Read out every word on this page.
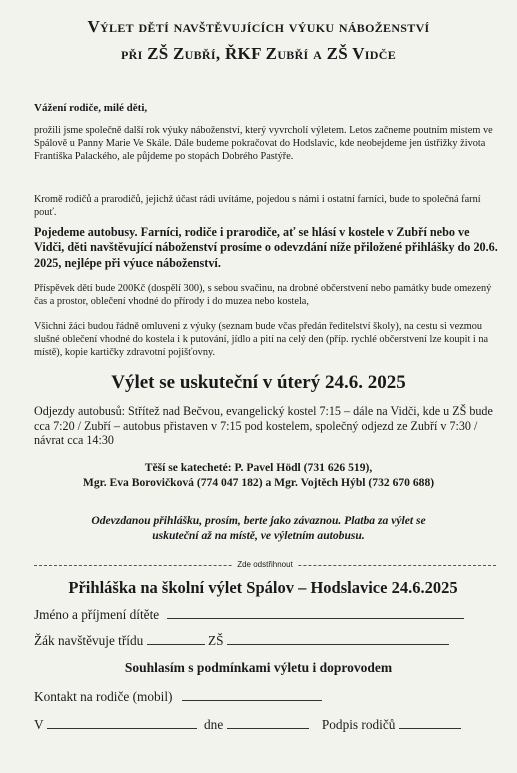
Výlet dětí navštěvujících výuku náboženství
při ZŠ Zubří, ŘKF Zubří a ZŠ Vidče

Vážení rodiče, milé děti,

prožili jsme společně další rok výuky náboženství, který vyvrcholí výletem. Letos začneme poutním mistem ve Spálově u Panny Marie Ve Skále. Dále budeme pokračovat do Hodslavic, kde neobejdeme jen ústřižky života Františka Palackého, ale půjdeme po stopách Dobrého Pastýře.

Kromě rodičů a prarodičů, jejichž účast rádi uvítáme, pojedou s námi i ostatní farníci, bude to společná farní pouť.

Pojedeme autobusy. Farníci, rodiče i prarodiče, ať se hlásí v kostele v Zubří nebo ve Vidči, děti navštěvující náboženství prosíme o odevzdání níže přiložené přihlášky do 20.6. 2025, nejlépe při výuce náboženství.

Příspěvek dětí bude 200Kč (dospělí 300), s sebou svačinu, na drobné občerstvení nebo památky bude omezený čas a prostor, oblečení vhodné do přírody i do muzea nebo kostela,

Všichni žáci budou řádně omluveni z výuky (seznam bude včas předán ředitelství školy), na cestu si vezmou slušné oblečení vhodné do kostela i k putování, jídlo a pití na celý den (příp. rychlé občerstvení lze koupit i na místě), kopie kartičky zdravotní pojišťovny.

Výlet se uskuteční v úterý 24.6. 2025

Odjezdy autobusů: Střítež nad Bečvou, evangelický kostel 7:15 – dále na Vidči, kde u ZŠ bude cca 7:20 / Zubří – autobus přistaven v 7:15 pod kostelem, společný odjezd ze Zubří v 7:30 / návrat cca 14:30

Těší se katecheté: P. Pavel Hödl (731 626 519),
Mgr. Eva Borovičková (774 047 182) a Mgr. Vojtěch Hýbl (732 670 688)
Odevzdanou přihlášku, prosím, berte jako závaznou. Platba za výlet se
uskuteční až na místě, ve výletním autobusu.
Zde odstřihnout
Přihláška na školní výlet Spálov – Hodslavice 24.6.2025
Jméno a příjmení dítěte
Žák navštěvuje třídu	ZŠ
Souhlasím s podmínkami výletu i doprovodem
Kontakt na rodiče (mobil)
V	dne	Podpis rodičů
